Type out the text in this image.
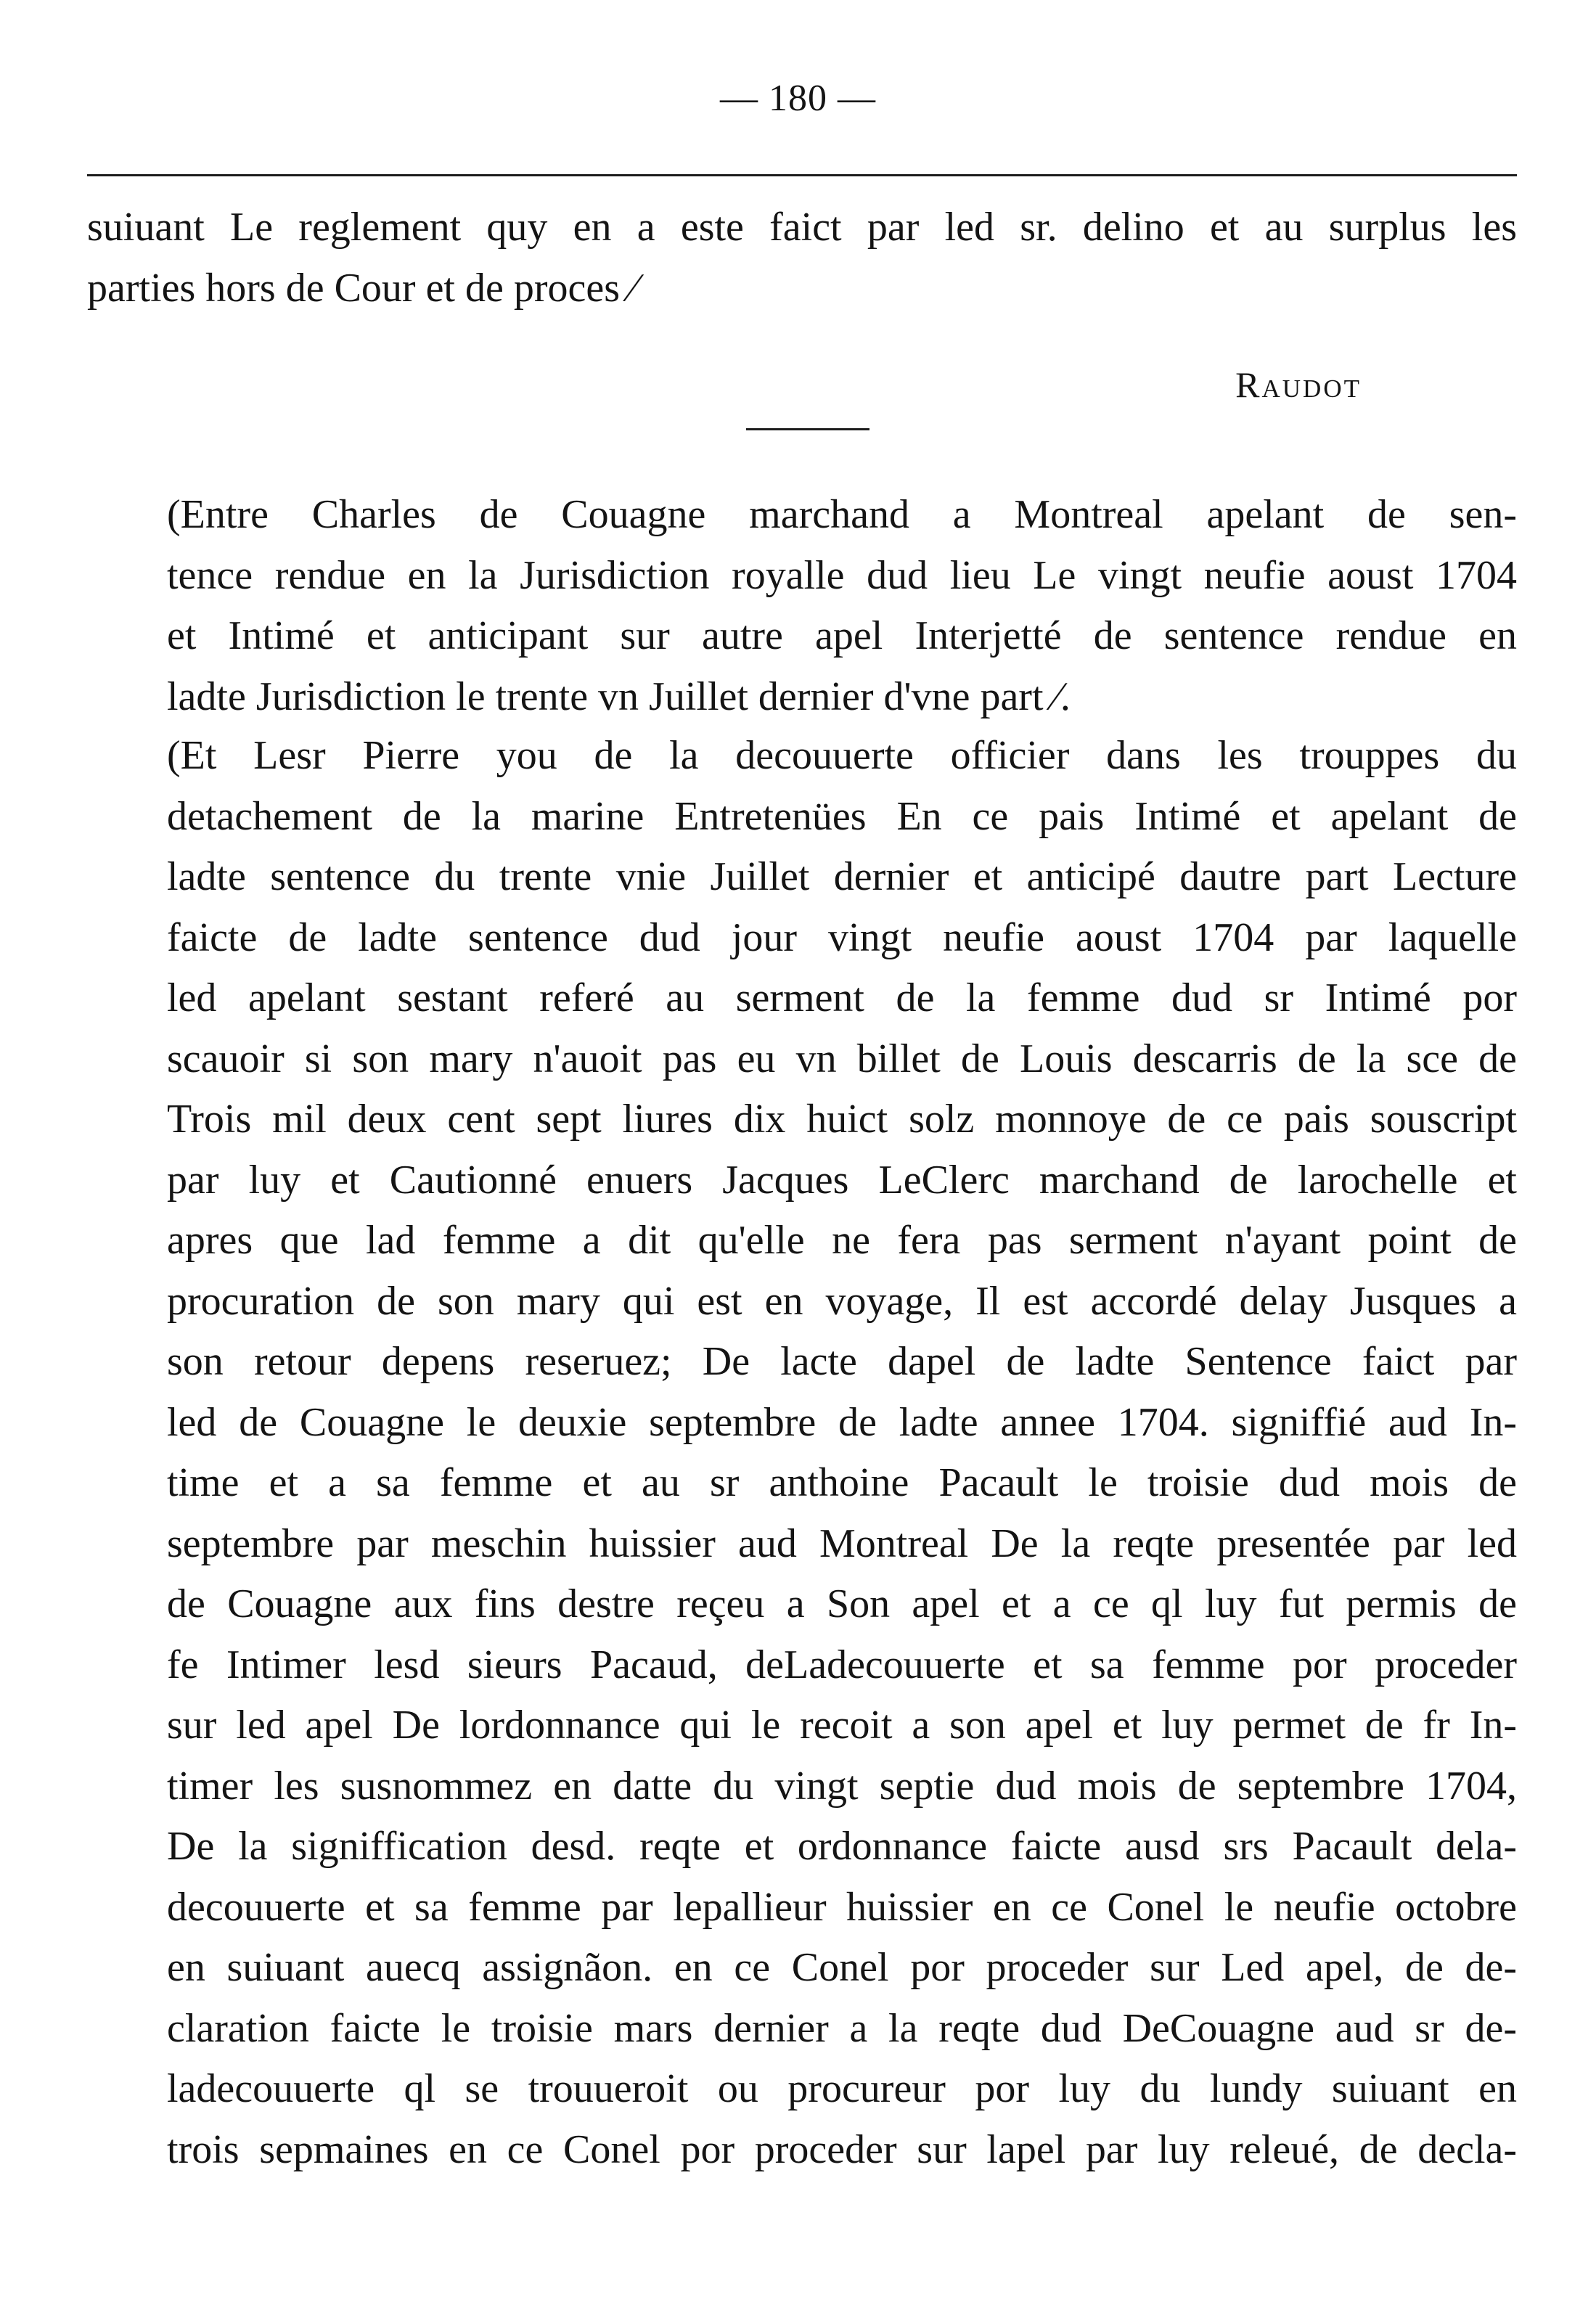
— 180 —
suiuant Le reglement quy en a este faict par led sr. delino et au surplus les
parties hors de Cour et de proces ⁄
Raudot
(Entre Charles de Couagne marchand a Montreal apelant de sen-
tence rendue en la Jurisdiction royalle dud lieu Le vingt neufie aoust 1704
et Intimé et anticipant sur autre apel Interjetté de sentence rendue en
ladte Jurisdiction le trente vn Juillet dernier d'vne part ⁄.
(Et Lesr Pierre you de la decouuerte officier dans les trouppes du
detachement de la marine Entretenües En ce pais Intimé et apelant de
ladte sentence du trente vnie Juillet dernier et anticipé dautre part Lecture
faicte de ladte sentence dud jour vingt neufie aoust 1704 par laquelle
led apelant sestant referé au serment de la femme dud sr Intimé por
scauoir si son mary n'auoit pas eu vn billet de Louis descarris de la sce de
Trois mil deux cent sept liures dix huict solz monnoye de ce pais souscript
par luy et Cautionné enuers Jacques LeClerc marchand de larochelle et
apres que lad femme a dit qu'elle ne fera pas serment n'ayant point de
procuration de son mary qui est en voyage, Il est accordé delay Jusques a
son retour depens reseruez; De lacte dapel de ladte Sentence faict par
led de Couagne le deuxie septembre de ladte annee 1704. signiffié aud In-
time et a sa femme et au sr anthoine Pacault le troisie dud mois de
septembre par meschin huissier aud Montreal De la reqte presentée par led
de Couagne aux fins destre reçeu a Son apel et a ce ql luy fut permis de
fe Intimer lesd sieurs Pacaud, deLadecouuerte et sa femme por proceder
sur led apel De lordonnance qui le recoit a son apel et luy permet de fr In-
timer les susnommez en datte du vingt septie dud mois de septembre 1704,
De la signiffication desd. reqte et ordonnance faicte ausd srs Pacault dela-
decouuerte et sa femme par lepallieur huissier en ce Conel le neufie octobre
en suiuant auecq assignãon. en ce Conel por proceder sur Led apel, de de-
claration faicte le troisie mars dernier a la reqte dud DeCouagne aud sr de-
ladecouuerte ql se trouueroit ou procureur por luy du lundy suiuant en
trois sepmaines en ce Conel por proceder sur lapel par luy releué, de decla-
